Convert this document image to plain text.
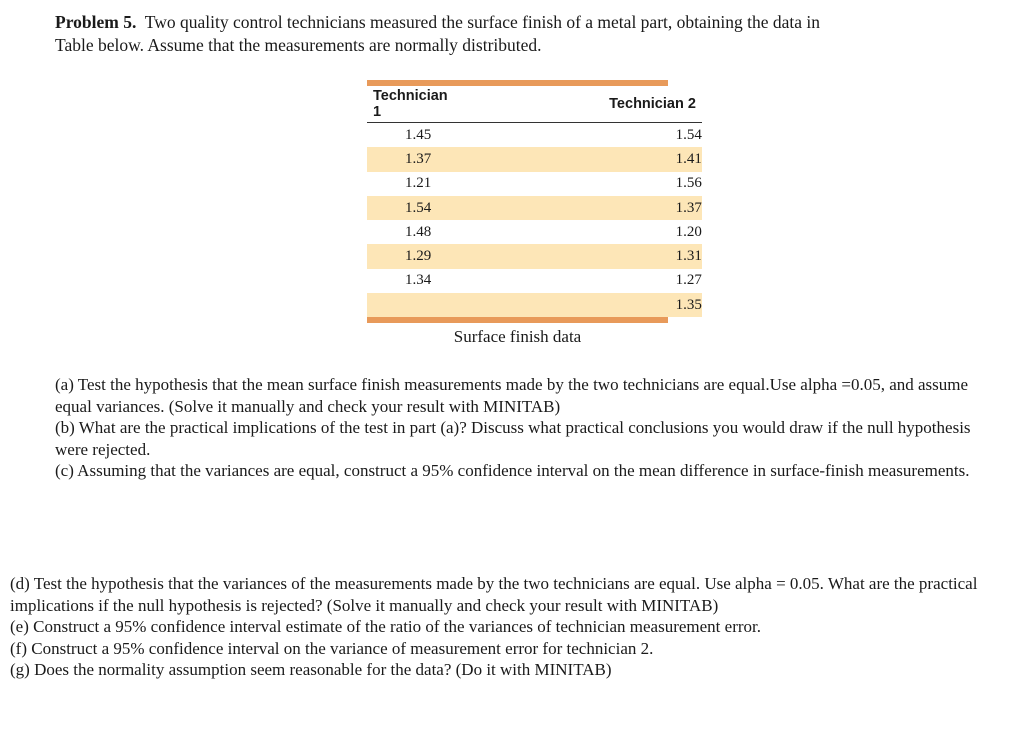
Problem 5. Two quality control technicians measured the surface finish of a metal part, obtaining the data in
Table below. Assume that the measurements are normally distributed.
Technician 1	Technician 2
1.45	1.54
1.37	1.41
1.21	1.56
1.54	1.37
1.48	1.20
1.29	1.31
1.34	1.27
	1.35
Surface finish data

(a) Test the hypothesis that the mean surface finish measurements made by the two technicians are equal.Use alpha =0.05, and assume equal variances. (Solve it manually and check your result with MINITAB)

(b) What are the practical implications of the test in part (a)? Discuss what practical conclusions you would draw if the null hypothesis were rejected.

(c) Assuming that the variances are equal, construct a 95% confidence interval on the mean difference in surface-finish measurements.

(d) Test the hypothesis that the variances of the measurements made by the two technicians are equal. Use alpha = 0.05. What are the practical implications if the null hypothesis is rejected? (Solve it manually and check your result with MINITAB)

(e) Construct a 95% confidence interval estimate of the ratio of the variances of technician measurement error.

(f) Construct a 95% confidence interval on the variance of measurement error for technician 2.

(g) Does the normality assumption seem reasonable for the data? (Do it with MINITAB)
